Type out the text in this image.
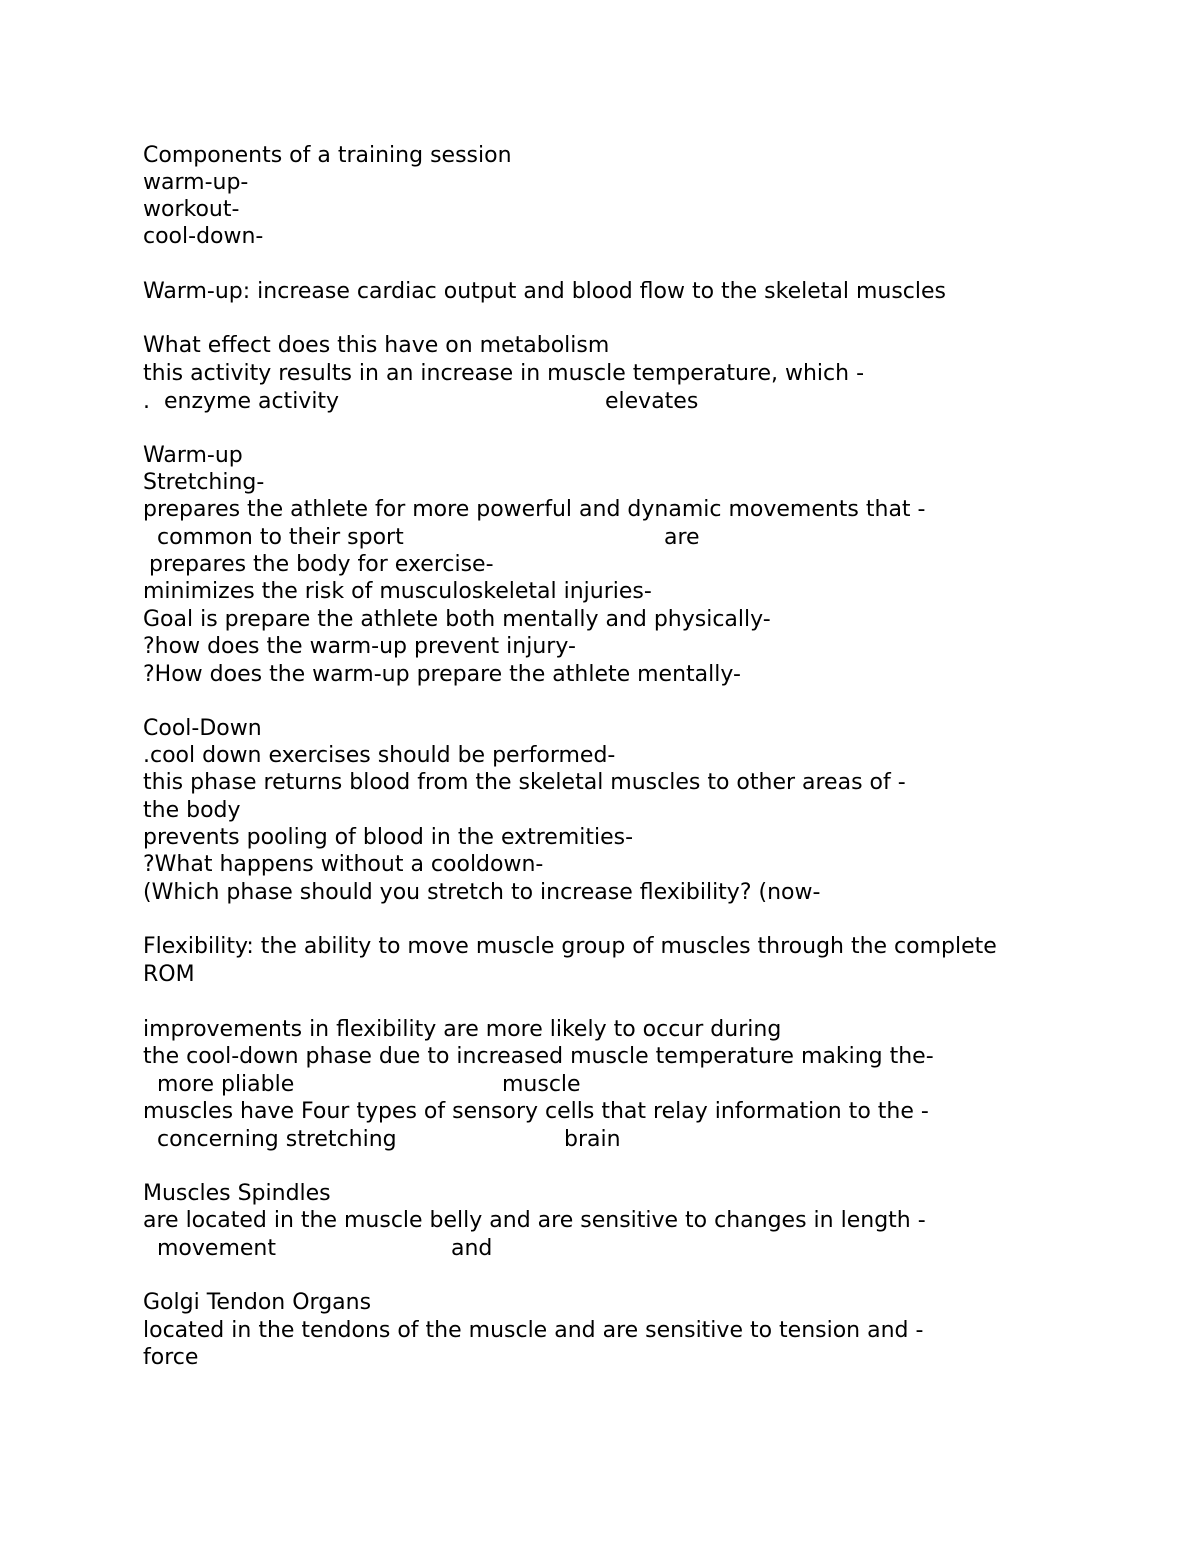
Components of a training session
warm-up-
workout-
cool-down-
Warm-up: increase cardiac output and blood flow to the skeletal muscles
What effect does this have on metabolism
this activity results in an increase in muscle temperature, which -

.  enzyme activity

	elevates

Warm-up
Stretching-
prepares the athlete for more powerful and dynamic movements that -

common to their sport

	are

prepares the body for exercise-
minimizes the risk of musculoskeletal injuries-
Goal is prepare the athlete both mentally and physically-
?how does the warm-up prevent injury-
?How does the warm-up prepare the athlete mentally-
Cool-Down
.cool down exercises should be performed-
this phase returns blood from the skeletal muscles to other areas of -
the body
prevents pooling of blood in the extremities-
?What happens without a cooldown-
(Which phase should you stretch to increase flexibility? (now-
Flexibility: the ability to move muscle group of muscles through the complete
ROM
improvements in flexibility are more likely to occur during
the cool-down phase due to increased muscle temperature making the-

more pliable

	muscle

muscles have Four types of sensory cells that relay information to the -

concerning stretching

	brain

Muscles Spindles
are located in the muscle belly and are sensitive to changes in length -

movement

	and

Golgi Tendon Organs
located in the tendons of the muscle and are sensitive to tension and -
force
